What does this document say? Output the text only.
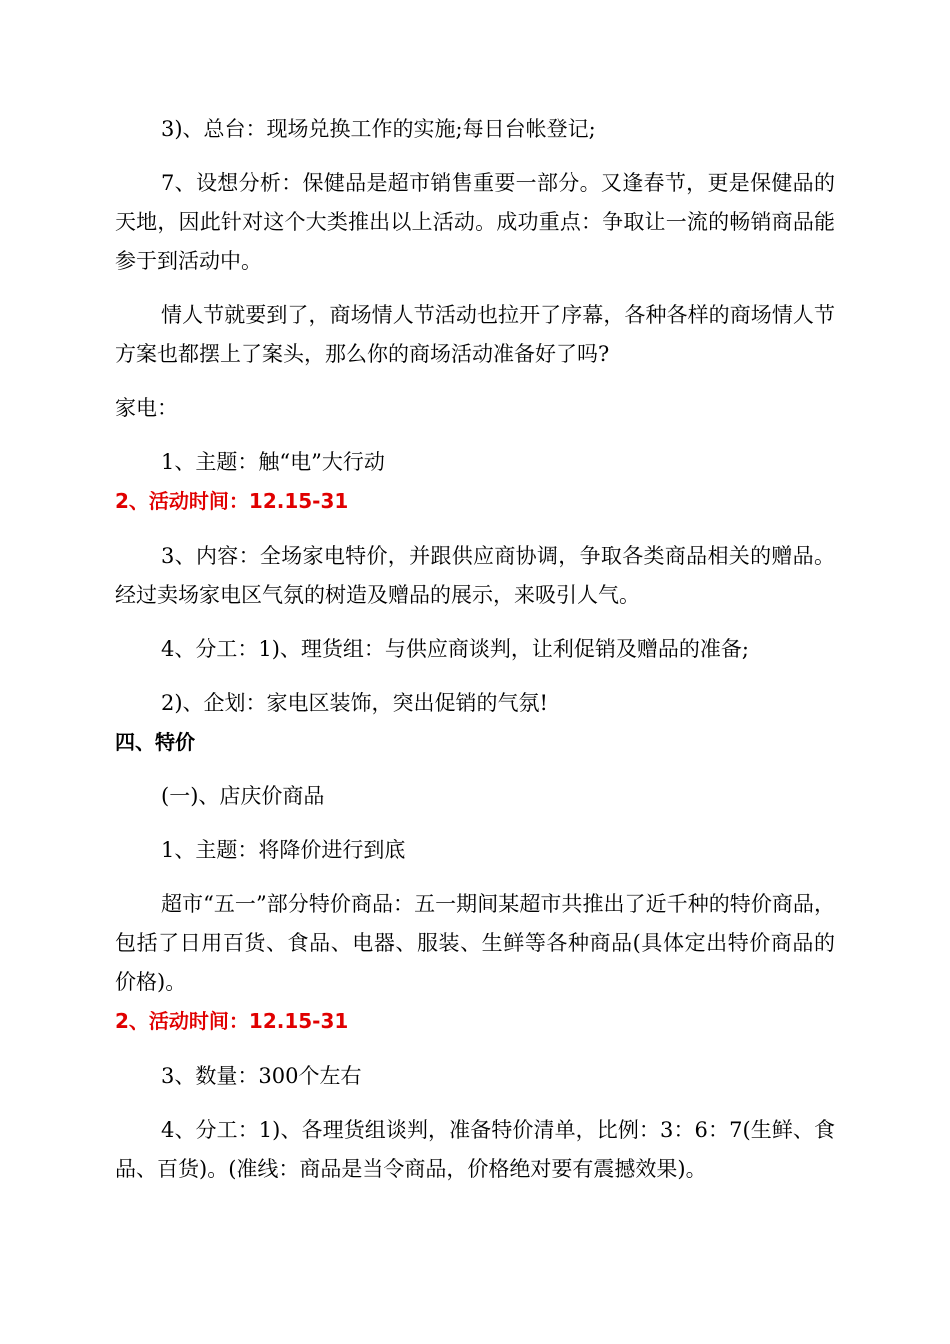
3)、总台：现场兑换工作的实施;每日台帐登记;

7、设想分析：保健品是超市销售重要一部分。又逢春节，更是保健品的天地，因此针对这个大类推出以上活动。成功重点：争取让一流的畅销商品能参于到活动中。

情人节就要到了，商场情人节活动也拉开了序幕，各种各样的商场情人节方案也都摆上了案头，那么你的商场活动准备好了吗?

家电：

1、主题：触“电”大行动

2、活动时间：12.15-31

3、内容：全场家电特价，并跟供应商协调，争取各类商品相关的赠品。经过卖场家电区气氛的树造及赠品的展示，来吸引人气。

4、分工：1)、理货组：与供应商谈判，让利促销及赠品的准备;

2)、企划：家电区装饰，突出促销的气氛!

四、特价

(一)、店庆价商品

1、主题：将降价进行到底

超市“五一”部分特价商品：五一期间某超市共推出了近千种的特价商品，包括了日用百货、食品、电器、服装、生鲜等各种商品(具体定出特价商品的价格)。

2、活动时间：12.15-31

3、数量：300个左右

4、分工：1)、各理货组谈判，准备特价清单，比例：3：6：7(生鲜、食品、百货)。(准线：商品是当令商品，价格绝对要有震撼效果)。
